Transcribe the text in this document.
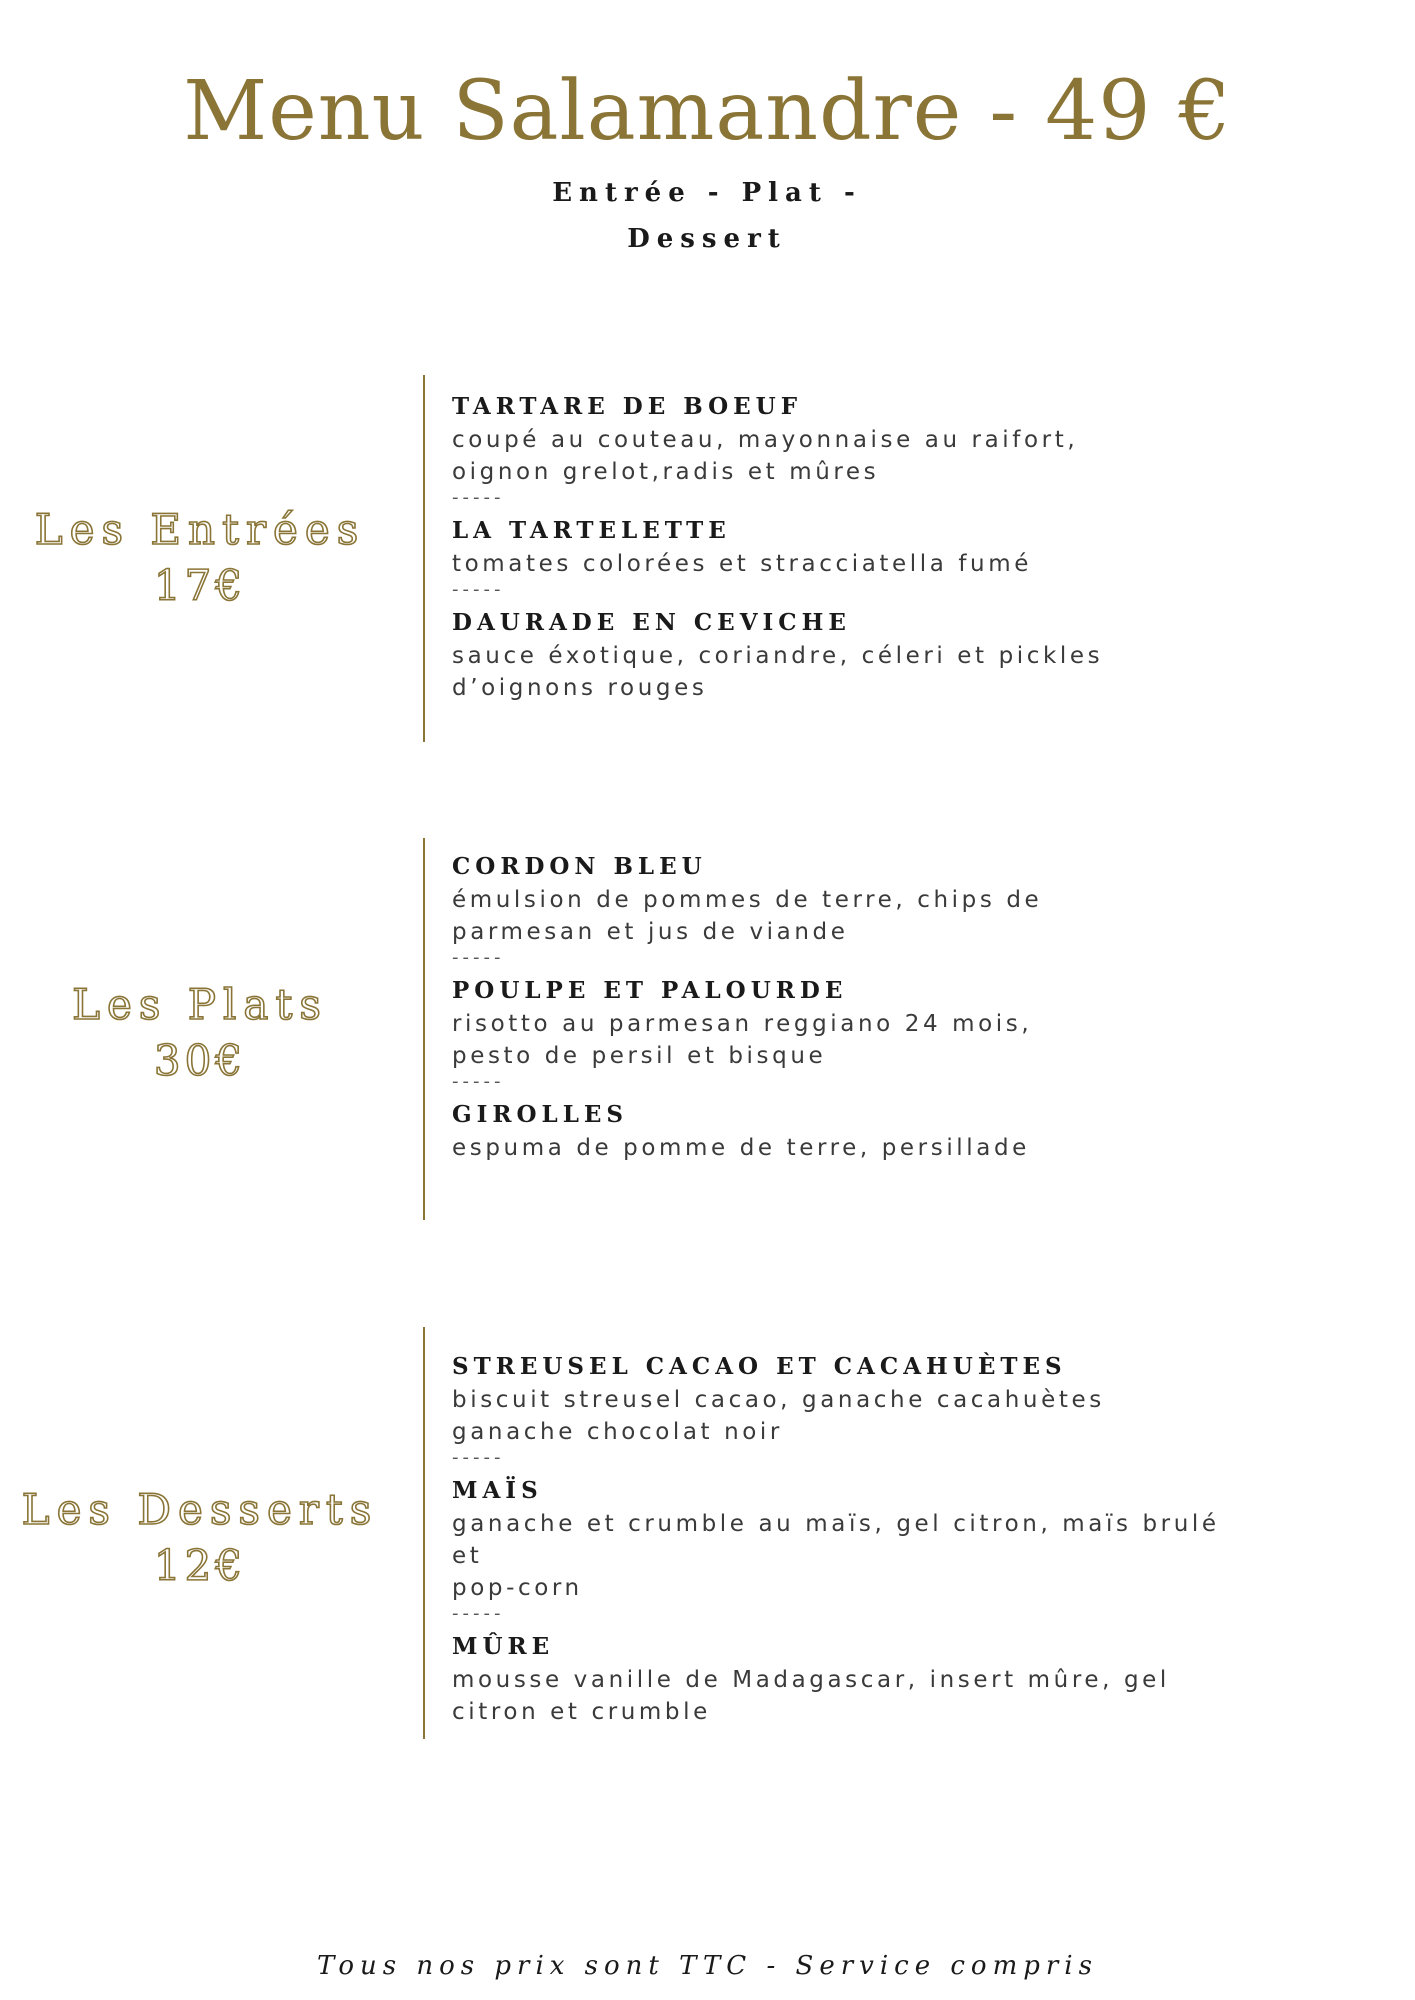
Menu Salamandre - 49 €
Entrée - Plat -
Dessert
Les Entrées
17€
TARTARE DE BOEUF
coupé au couteau, mayonnaise au raifort,
oignon grelot,radis et mûres
-----
LA TARTELETTE
tomates colorées et stracciatella fumé
-----
DAURADE EN CEVICHE
sauce éxotique, coriandre, céleri et pickles
d’oignons rouges
Les Plats
30€
CORDON BLEU
émulsion de pommes de terre, chips de
parmesan et jus de viande
-----
POULPE ET PALOURDE
risotto au parmesan reggiano 24 mois,
pesto de persil et bisque
-----
GIROLLES
espuma de pomme de terre, persillade
Les Desserts
12€
STREUSEL CACAO ET CACAHUÈTES
biscuit streusel cacao, ganache cacahuètes
ganache chocolat noir
-----
MAÏS
ganache et crumble au maïs, gel citron, maïs brulé et
pop-corn
-----
MÛRE
mousse vanille de Madagascar, insert mûre, gel
citron et crumble
Tous nos prix sont TTC - Service compris
